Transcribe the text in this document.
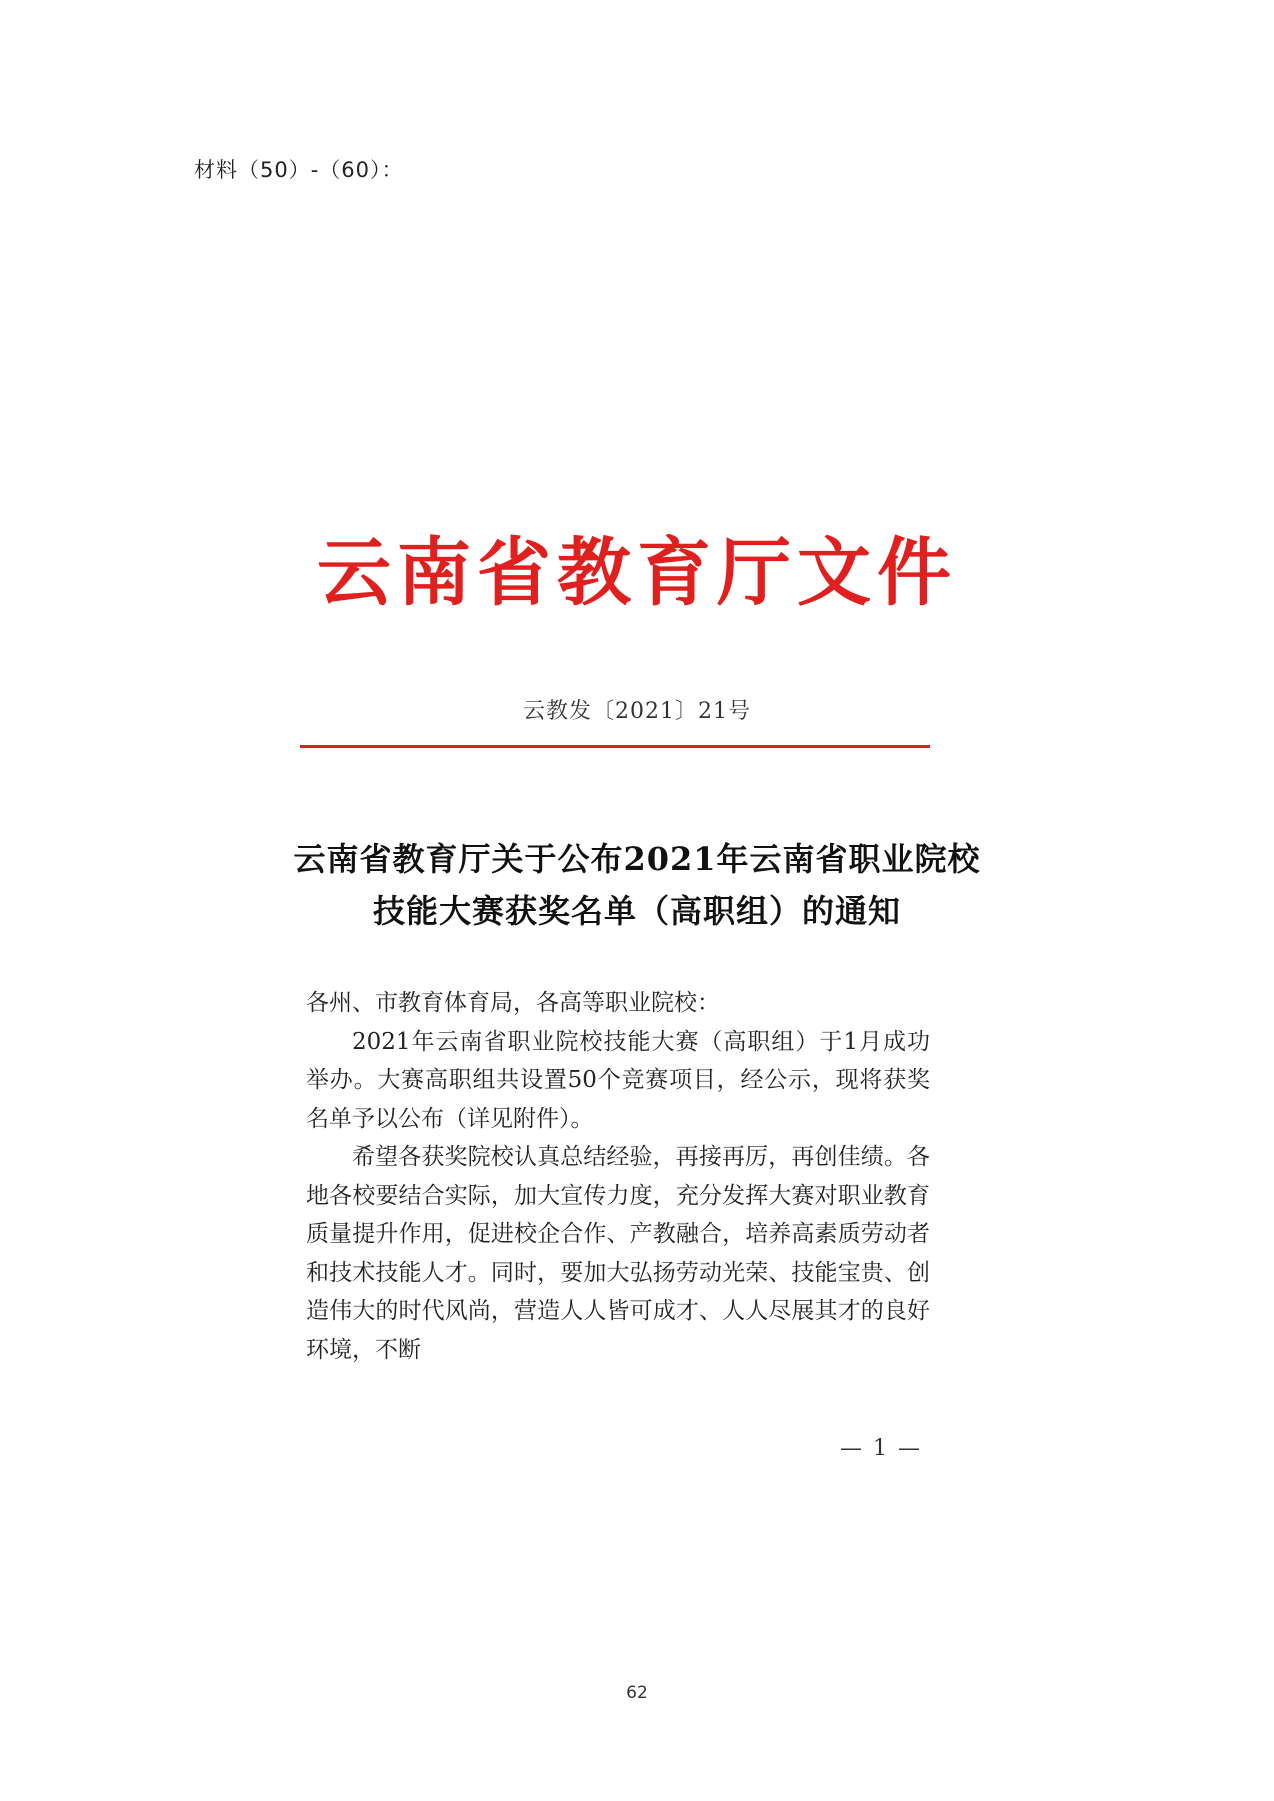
材料（50）-（60）：
云南省教育厅文件
云教发〔2021〕21号
云南省教育厅关于公布2021年云南省职业院校
技能大赛获奖名单（高职组）的通知

各州、市教育体育局，各高等职业院校：

2021年云南省职业院校技能大赛（高职组）于1月成功举办。大赛高职组共设置50个竞赛项目，经公示，现将获奖名单予以公布（详见附件）。

希望各获奖院校认真总结经验，再接再厉，再创佳绩。各地各校要结合实际，加大宣传力度，充分发挥大赛对职业教育质量提升作用，促进校企合作、产教融合，培养高素质劳动者和技术技能人才。同时，要加大弘扬劳动光荣、技能宝贵、创造伟大的时代风尚，营造人人皆可成才、人人尽展其才的良好环境，不断

— 1 —
62
